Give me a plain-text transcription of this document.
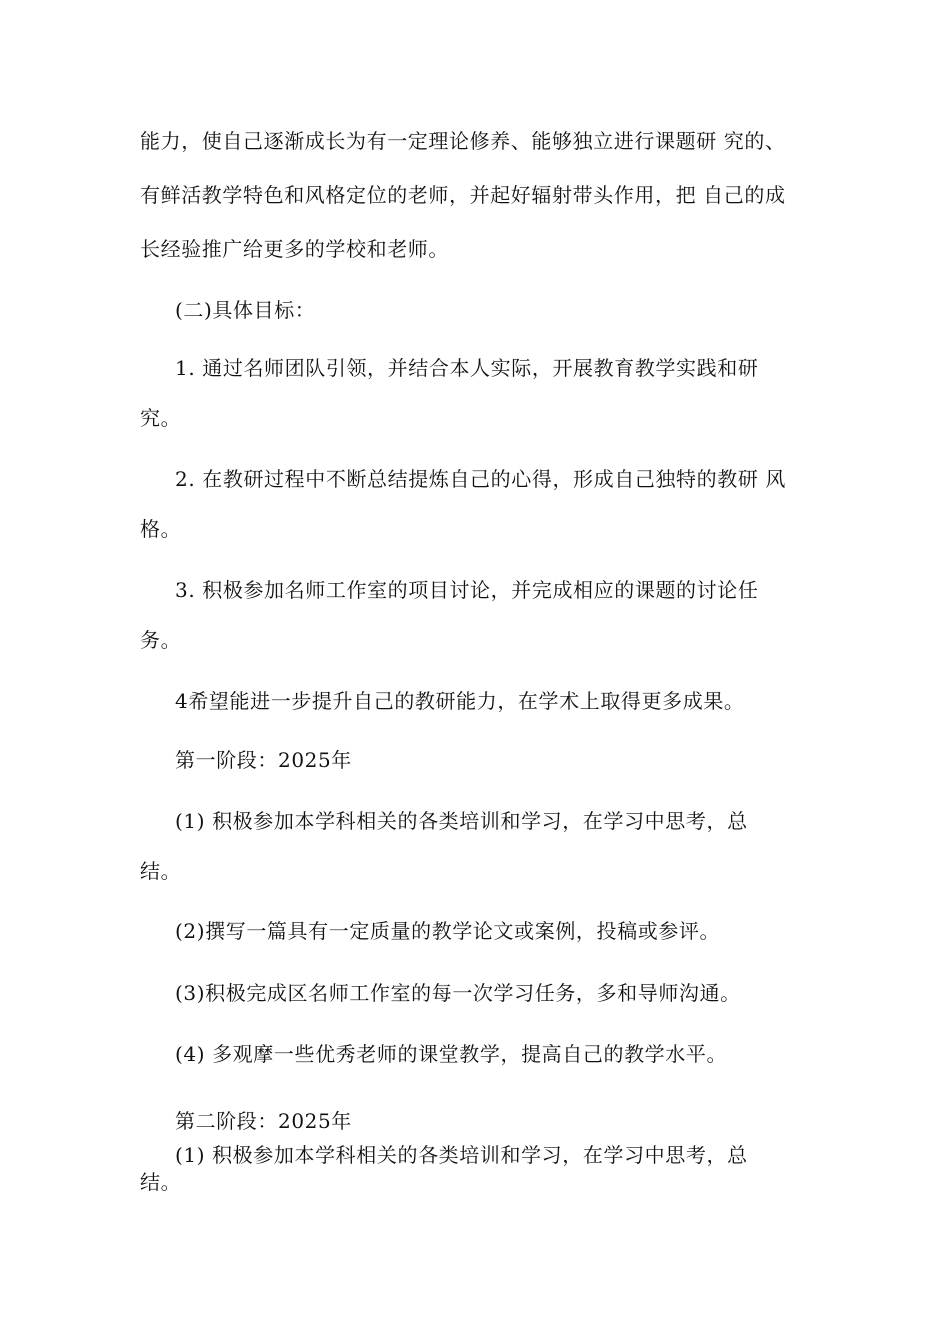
能力，使自己逐渐成长为有一定理论修养、能够独立进行课题研 究的、
有鲜活教学特色和风格定位的老师，并起好辐射带头作用，把 自己的成
长经验推广给更多的学校和老师。
(二)具体目标：
1. 通过名师团队引领，并结合本人实际，开展教育教学实践和研
究。
2. 在教研过程中不断总结提炼自己的心得，形成自己独特的教研 风
格。
3. 积极参加名师工作室的项目讨论，并完成相应的课题的讨论任
务。
4希望能进一步提升自己的教研能力，在学术上取得更多成果。
第一阶段：2025年
(1) 积极参加本学科相关的各类培训和学习，在学习中思考，总
结。
(2)撰写一篇具有一定质量的教学论文或案例，投稿或参评。
(3)积极完成区名师工作室的每一次学习任务，多和导师沟通。
(4) 多观摩一些优秀老师的课堂教学，提高自己的教学水平。
第二阶段：2025年
(1) 积极参加本学科相关的各类培训和学习，在学习中思考，总
结。
